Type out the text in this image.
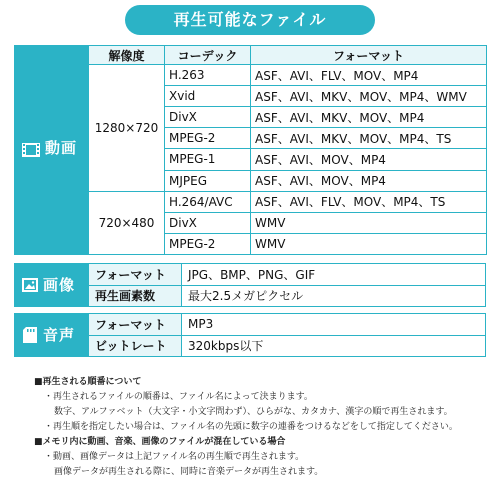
再生可能なファイル
動画
解像度	コーデック	フォーマット
1280×720	H.263	ASF、AVI、FLV、MOV、MP4
	Xvid	ASF、AVI、MKV、MOV、MP4、WMV
	DivX	ASF、AVI、MKV、MOV、MP4
	MPEG-2	ASF、AVI、MKV、MOV、MP4、TS
	MPEG-1	ASF、AVI、MOV、MP4
	MJPEG	ASF、AVI、MOV、MP4
720×480	H.264/AVC	ASF、AVI、FLV、MOV、MP4、TS
	DivX	WMV
	MPEG-2	WMV
画像
フォーマット	JPG、BMP、PNG、GIF
再生画素数	最大2.5メガピクセル
音声
フォーマット	MP3
ビットレート	320kbps以下
■再生される順番について
・再生されるファイルの順番は、ファイル名によって決まります。
数字、アルファベット（大文字・小文字問わず）、ひらがな、カタカナ、漢字の順で再生されます。
・再生順を指定したい場合は、ファイル名の先頭に数字の連番をつけるなどをして指定してください。
■メモリ内に動画、音楽、画像のファイルが混在している場合
・動画、画像データは上記ファイル名の再生順で再生されます。
画像データが再生される際に、同時に音楽データが再生されます。
